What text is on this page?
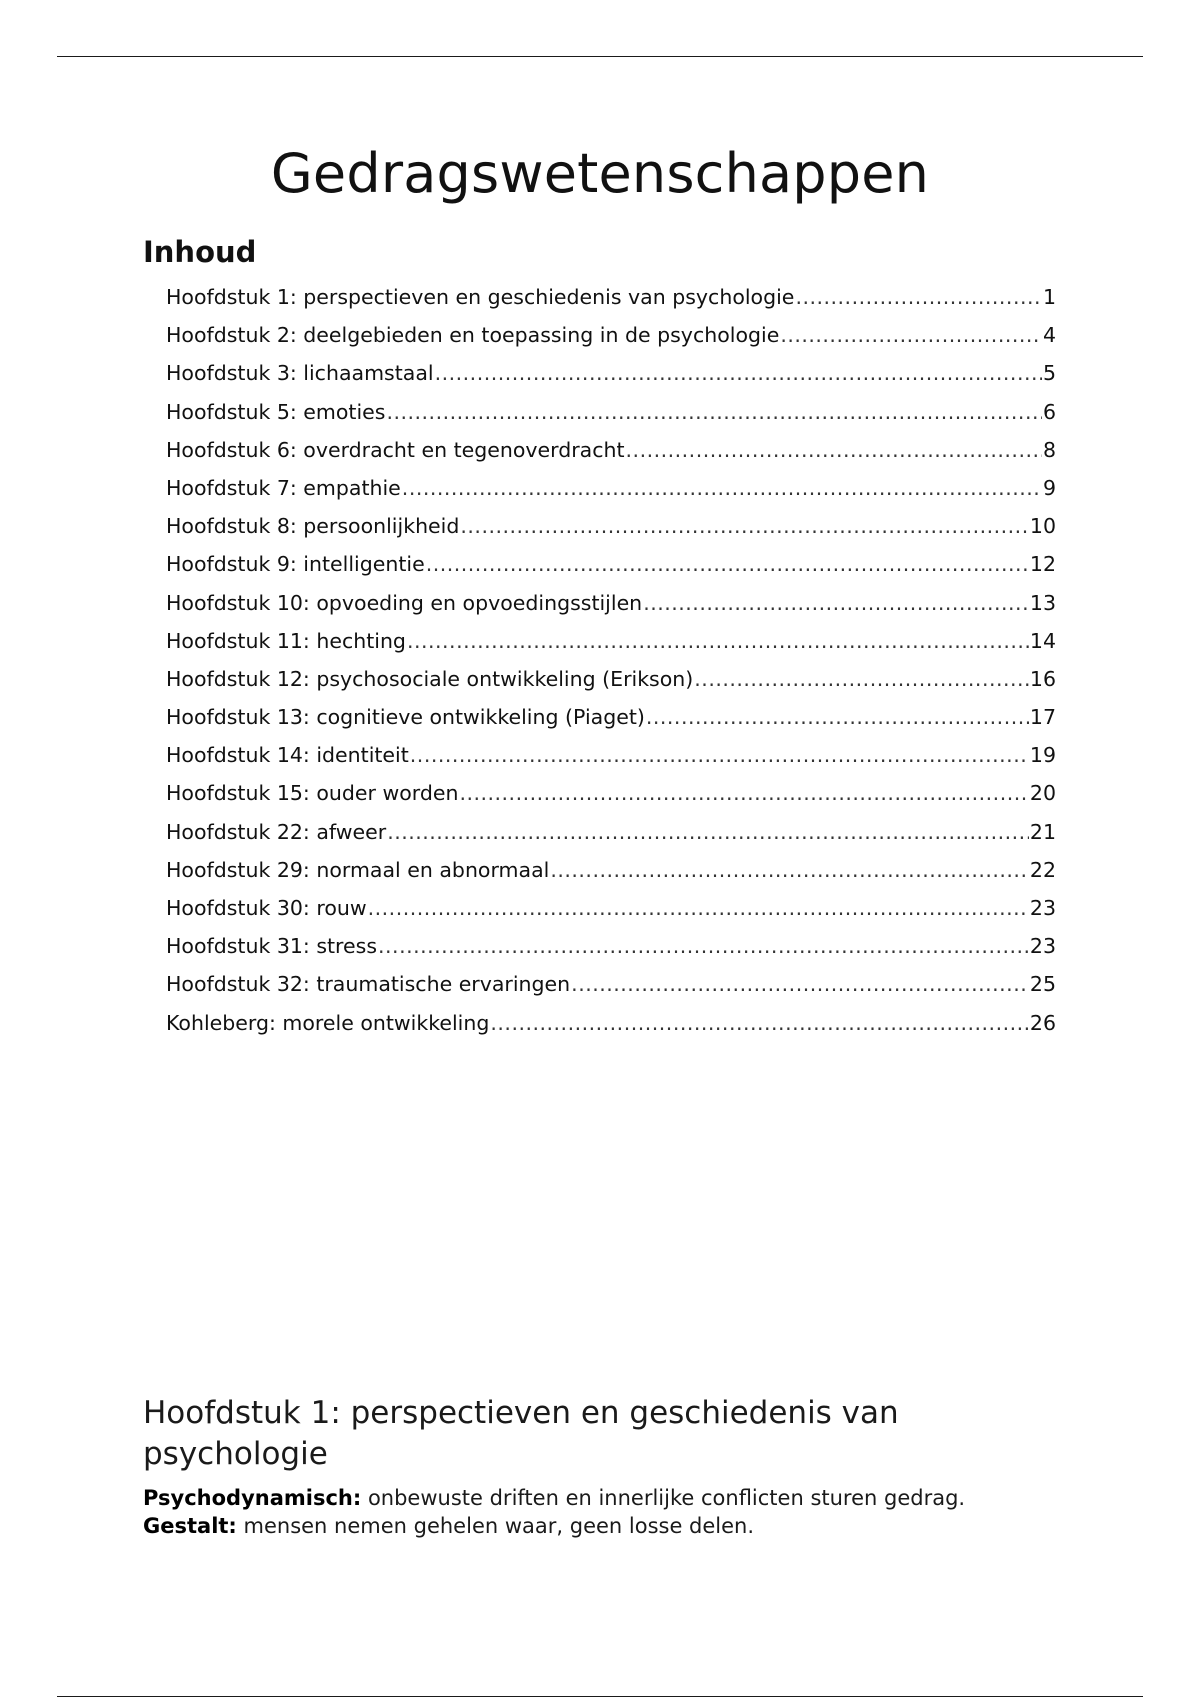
Gedragswetenschappen
Inhoud
Hoofdstuk 1: perspectieven en geschiedenis van psychologie .....	1
Hoofdstuk 2: deelgebieden en toepassing in de psychologie .....	4
Hoofdstuk 3: lichaamstaal .....	5
Hoofdstuk 5: emoties .....	6
Hoofdstuk 6: overdracht en tegenoverdracht .....	8
Hoofdstuk 7: empathie .....	9
Hoofdstuk 8: persoonlijkheid .....	10
Hoofdstuk 9: intelligentie .....	12
Hoofdstuk 10: opvoeding en opvoedingsstijlen .....	13
Hoofdstuk 11: hechting .....	14
Hoofdstuk 12: psychosociale ontwikkeling (Erikson) .....	16
Hoofdstuk 13: cognitieve ontwikkeling (Piaget) .....	17
Hoofdstuk 14: identiteit .....	19
Hoofdstuk 15: ouder worden .....	20
Hoofdstuk 22: afweer .....	21
Hoofdstuk 29: normaal en abnormaal .....	22
Hoofdstuk 30: rouw .....	23
Hoofdstuk 31: stress .....	23
Hoofdstuk 32: traumatische ervaringen .....	25
Kohleberg: morele ontwikkeling .....	26
Hoofdstuk 1: perspectieven en geschiedenis van psychologie

Psychodynamisch: onbewuste driften en innerlijke conflicten sturen gedrag.

Gestalt: mensen nemen gehelen waar, geen losse delen.
